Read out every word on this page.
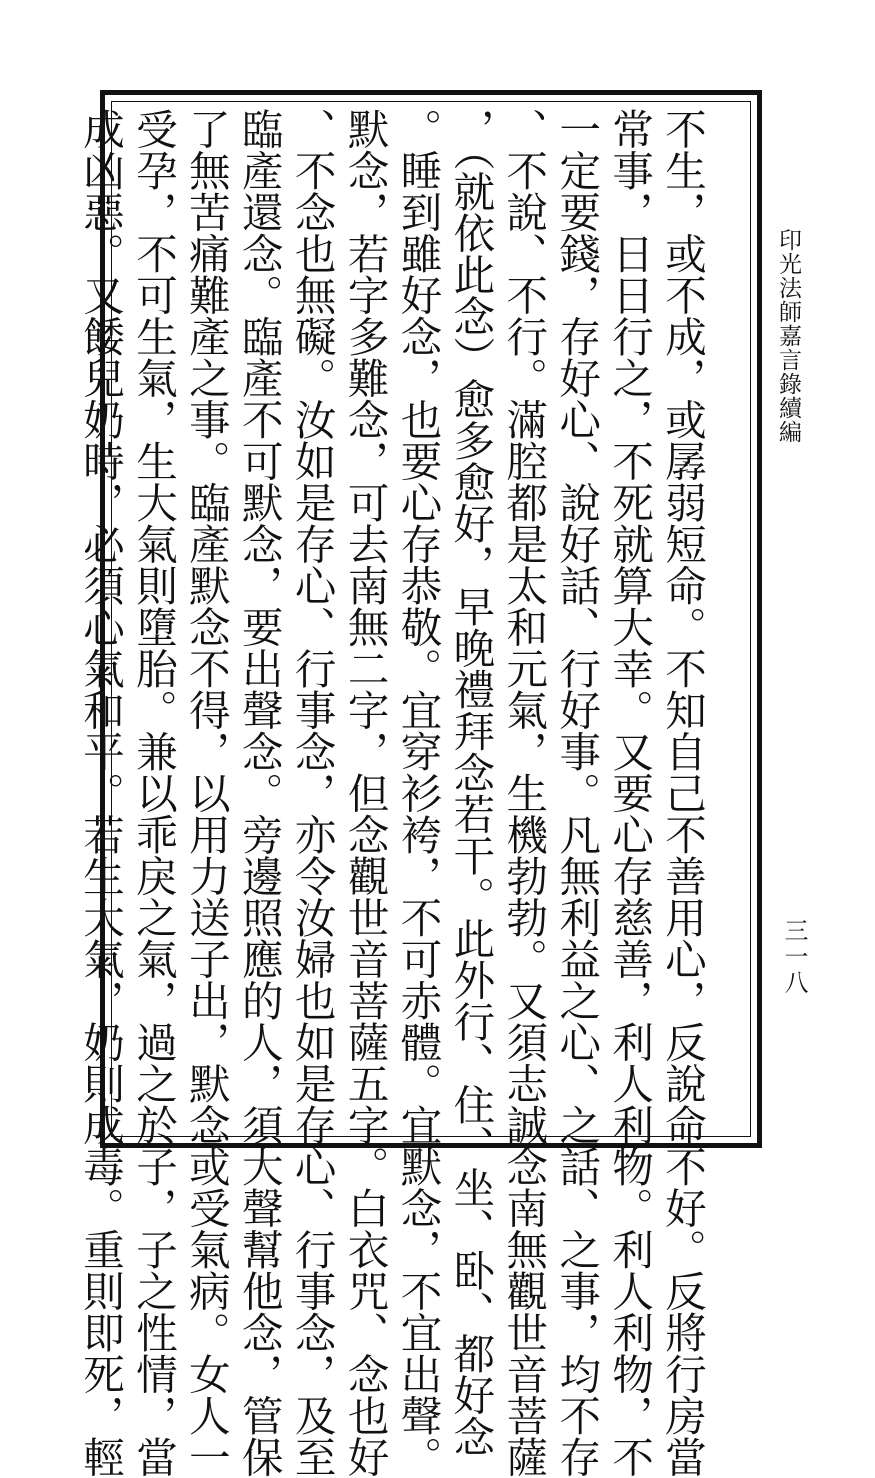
不生，或不成，或孱弱短命。不知自己不善用心，反說命不好。反將行房當
常事，日日行之，不死就算大幸。又要心存慈善，利人利物。利人利物，不
一定要錢，存好心、說好話、行好事。凡無利益之心、之話、之事，均不存
、不說、不行。滿腔都是太和元氣，生機勃勃。又須志誠念南無觀世音菩薩
，（就依此念）愈多愈好，早晚禮拜念若干。此外行、住、坐、卧、都好念
。睡到雖好念，也要心存恭敬。宜穿衫袴，不可赤體。宜默念，不宜出聲。
默念，若字多難念，可去南無二字，但念觀世音菩薩五字。白衣咒、念也好
、不念也無礙。汝如是存心、行事念，亦令汝婦也如是存心、行事念，及至
臨產還念。臨產不可默念，要出聲念。旁邊照應的人，須大聲幫他念，管保
了無苦痛難產之事。臨產默念不得，以用力送子出，默念或受氣病。女人一
受孕，不可生氣，生大氣則墮胎。兼以乖戾之氣，過之於子，子之性情，當
成凶惡。又餧兒奶時，必須心氣和平。若生大氣，奶則成毒。重則即死，輕	印光法師嘉言錄續編
三一八
